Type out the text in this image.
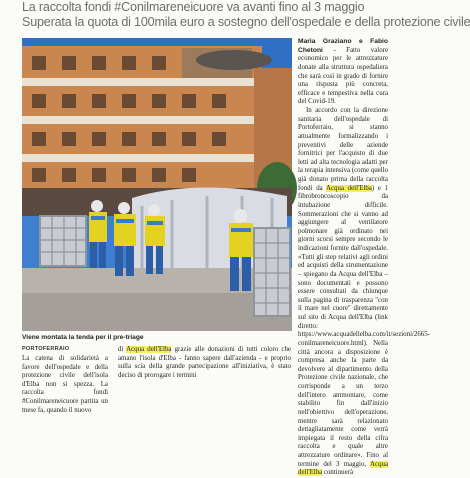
La raccolta fondi #Conilmareneicuore va avanti fino al 3 maggio
Superata la quota di 100mila euro a sostegno dell'ospedale e della protezione civile
Viene montata la tenda per il pre-triage
PORTOFERRAIO

La catena di solidarietà a favore dell'ospedale e della protezione civile dell'isola d'Elba non si spezza. La raccolta fondi #Conilmareneicuore partita un mese fa, quando il nuovo

di Acqua dell'Elba grazie alle donazioni di tutti coloro che amano l'isola d'Elba - fanno sapere dall'azienda - e proprio sulla scia della grande partecipazione all'iniziativa, è stato deciso di prorogare i termini

Maria Graziano e Fabio Chetoni - Fatto valore economico per le attrezzature donate alla struttura ospedaliera che sarà così in grado di fornire una risposta più concreta, efficace e tempestiva nella cura del Covid-19.

In accordo con la direzione sanitaria dell'ospedale di Portoferraio, si stanno attualmente formalizzando i preventivi delle aziende fornitrici per l'acquisto di due letti ad alta tecnologia adatti per la terapia intensiva (come quello già donato prima della raccolta fondi da Acqua dell'Elba) e 1 fibrobroncoscopio da intubazione difficile. Sommerazioni che si vanno ad aggiungere al ventilatore polmonare già ordinato nei giorni scorsi sempre secondo le indicazioni fornite dall'ospedale. «Tutti gli step relativi agli ordini ed acquisti della strumentazione – spiegano da Acqua dell'Elba – sono documentati e possono essere consultati da chiunque sulla pagina di trasparenza "con il mare nel cuore" direttamente sul sito di Acqua dell'Elba (link diretto: https://www.acquadellelba.com/it/sezioni/2665-conilmareneicuore.html). Nella città ancora a disposizione è compresa anche la parte da devolvere al dipartimento della Protezione civile nazionale, che corrisponde a un terzo dell'intero ammontare, come stabilito fin dall'inizio nell'obiettivo dell'operazione, mentre sarà relazionato dettagliatamente come verrà impiegata il resto della cifra raccolta e quale altre attrezzature ordinare». Fino al termine del 3 maggio, Acqua dell'Elba continuerà
